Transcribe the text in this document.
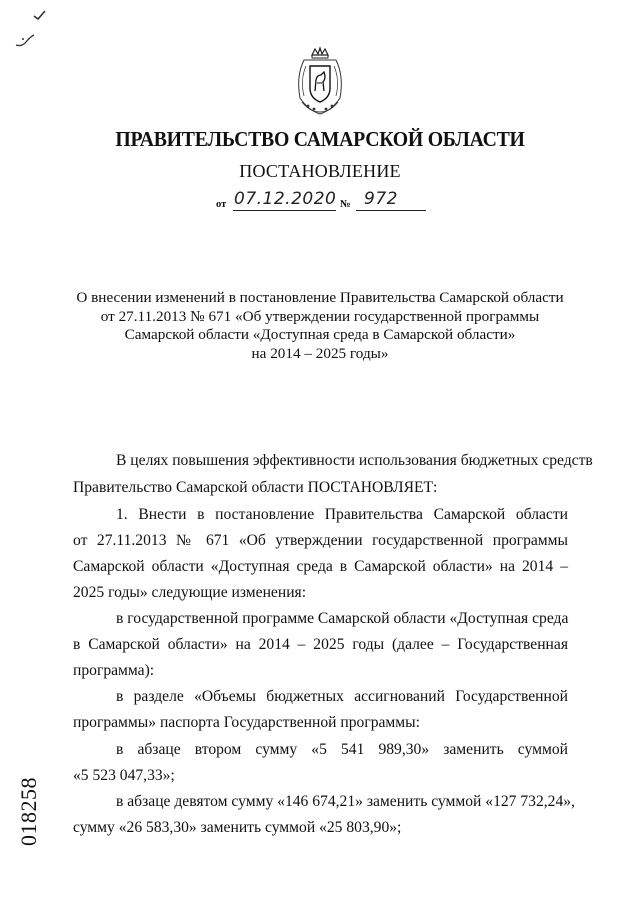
ПРАВИТЕЛЬСТВО САМАРСКОЙ ОБЛАСТИ
ПОСТАНОВЛЕНИЕ
от 07.12.2020 № 972
О внесении изменений в постановление Правительства Самарской области
от 27.11.2013 № 671 «Об утверждении государственной программы
Самарской области «Доступная среда в Самарской области»
на 2014 – 2025 годы»
В целях повышения эффективности использования бюджетных средств
Правительство Самарской области ПОСТАНОВЛЯЕТ:
1. Внести в постановление Правительства Самарской области
от 27.11.2013 № 671 «Об утверждении государственной программы
Самарской области «Доступная среда в Самарской области» на 2014 –
2025 годы» следующие изменения:
в государственной программе Самарской области «Доступная среда
в Самарской области» на 2014 – 2025 годы (далее – Государственная
программа):
в разделе «Объемы бюджетных ассигнований Государственной
программы» паспорта Государственной программы:
в абзаце втором сумму «5 541 989,30» заменить суммой
«5 523 047,33»;
в абзаце девятом сумму «146 674,21» заменить суммой «127 732,24»,
сумму «26 583,30» заменить суммой «25 803,90»;
018258
